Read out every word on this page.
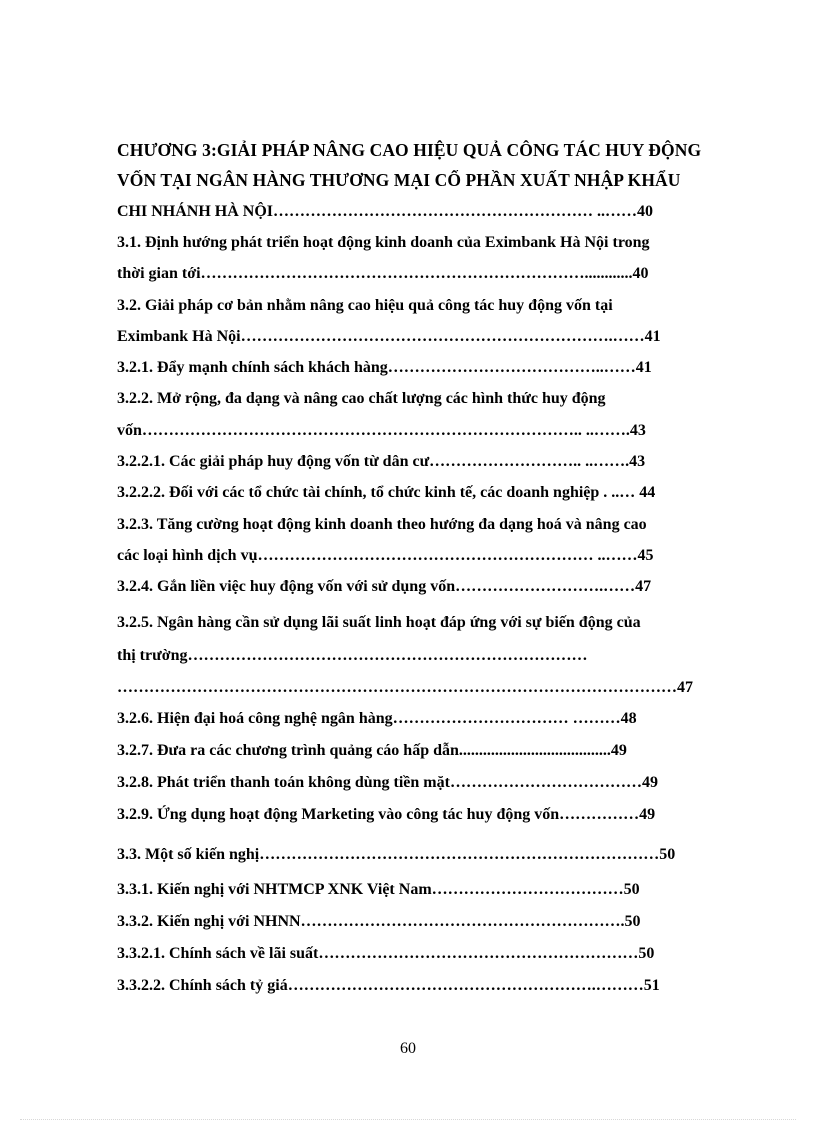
CHƯƠNG 3:GIẢI PHÁP NÂNG CAO HIỆU QUẢ CÔNG TÁC HUY ĐỘNG
VỐN TẠI NGÂN HÀNG THƯƠNG MẠI CỔ PHẦN XUẤT NHẬP KHẨU
CHI NHÁNH HÀ NỘI…………………………………………………… ..……40
3.1. Định hướng phát triển hoạt động kinh doanh của Eximbank Hà Nội trong
thời gian tới………………………………………………………………............40
3.2. Giải pháp cơ bản nhằm nâng cao hiệu quả công tác huy động vốn tại
Eximbank Hà Nội…………………………………………………………….……41
3.2.1. Đẩy mạnh chính sách khách hàng…………………………………..……41
3.2.2. Mở rộng, đa dạng và nâng cao chất lượng các hình thức huy động
vốn……………………………………………………………………….. ..…….43
3.2.2.1. Các giải pháp huy động vốn từ dân cư……………………….. ..…….43
3.2.2.2. Đối với các tổ chức tài chính, tổ chức kinh tế, các doanh nghiệp . ..… 44
3.2.3. Tăng cường hoạt động kinh doanh theo hướng đa dạng hoá và nâng cao
các loại hình dịch vụ……………………………………………………… ..……45
3.2.4. Gắn liền việc huy động vốn với sử dụng vốn……………………….……47
3.2.5. Ngân hàng cần sử dụng lãi suất linh hoạt đáp ứng với sự biến động của
thị trường…………………………………………………………………
……………………………………………………………………………………………47
3.2.6. Hiện đại hoá công nghệ ngân hàng…………………………… ………48
3.2.7. Đưa ra các chương trình quảng cáo hấp dẫn......................................49
3.2.8. Phát triển thanh toán không dùng tiền mặt………………………………49
3.2.9. Ứng dụng hoạt động Marketing vào công tác huy động vốn……………49
3.3. Một số kiến nghị…………………………………………………………………50
3.3.1. Kiến nghị với NHTMCP XNK Việt Nam………………………………50
3.3.2. Kiến nghị với NHNN…………………………………………………….50
3.3.2.1. Chính sách về lãi suất……………………………………………………50
3.3.2.2. Chính sách tỷ giá………………………………………………….………51
60
